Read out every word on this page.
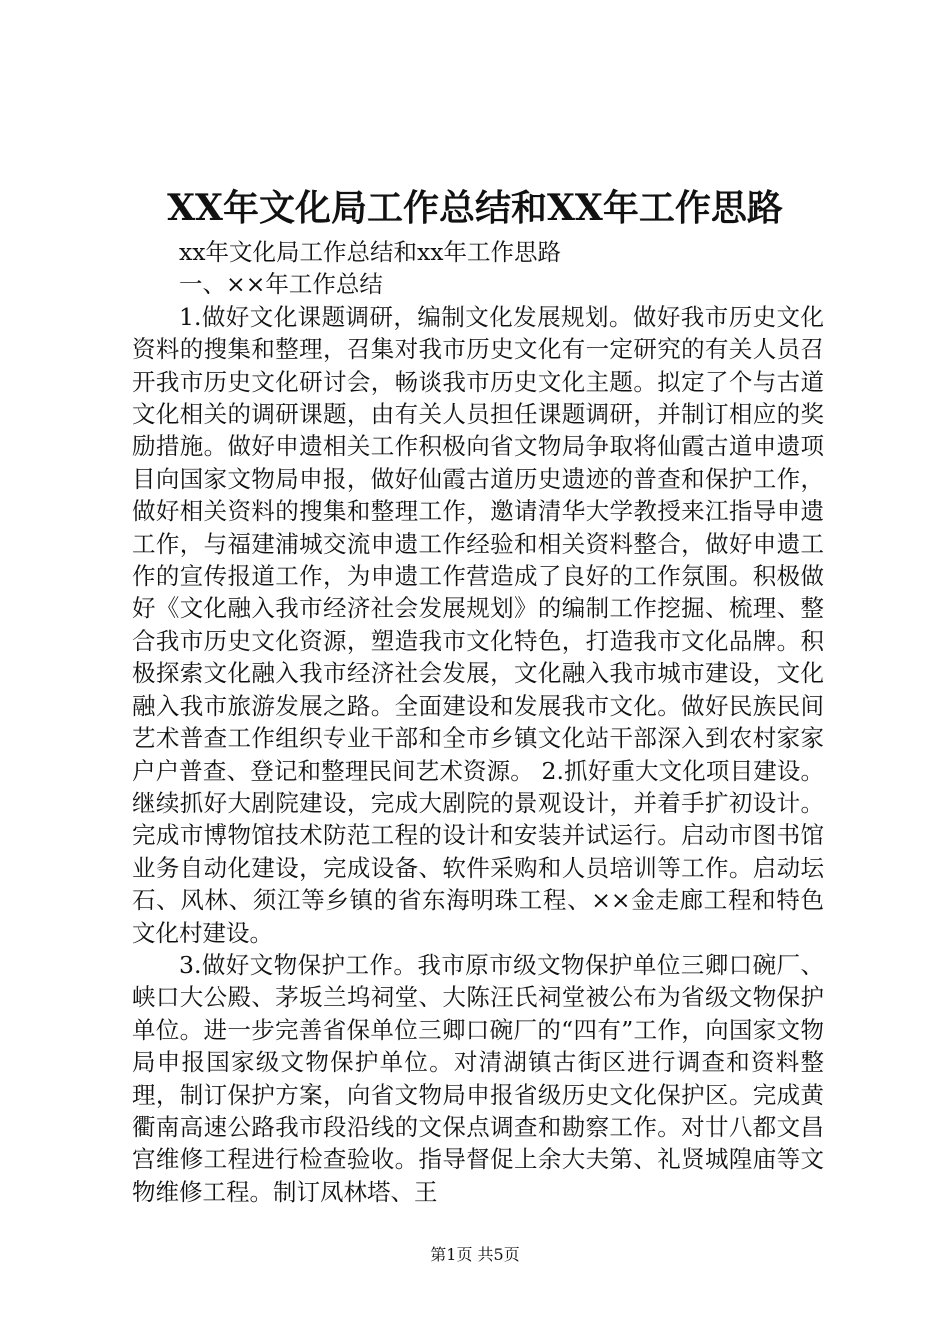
XX年文化局工作总结和XX年工作思路

xx年文化局工作总结和xx年工作思路

一、××年工作总结

1.做好文化课题调研，编制文化发展规划。做好我市历史文化资料的搜集和整理，召集对我市历史文化有一定研究的有关人员召开我市历史文化研讨会，畅谈我市历史文化主题。拟定了个与古道文化相关的调研课题，由有关人员担任课题调研，并制订相应的奖励措施。做好申遗相关工作积极向省文物局争取将仙霞古道申遗项目向国家文物局申报，做好仙霞古道历史遗迹的普查和保护工作，做好相关资料的搜集和整理工作，邀请清华大学教授来江指导申遗工作，与福建浦城交流申遗工作经验和相关资料整合，做好申遗工作的宣传报道工作，为申遗工作营造成了良好的工作氛围。积极做好《文化融入我市经济社会发展规划》的编制工作挖掘、梳理、整合我市历史文化资源，塑造我市文化特色，打造我市文化品牌。积极探索文化融入我市经济社会发展，文化融入我市城市建设，文化融入我市旅游发展之路。全面建设和发展我市文化。做好民族民间艺术普查工作组织专业干部和全市乡镇文化站干部深入到农村家家户户普查、登记和整理民间艺术资源。 2.抓好重大文化项目建设。继续抓好大剧院建设，完成大剧院的景观设计，并着手扩初设计。完成市博物馆技术防范工程的设计和安装并试运行。启动市图书馆业务自动化建设，完成设备、软件采购和人员培训等工作。启动坛石、风林、须江等乡镇的省东海明珠工程、××金走廊工程和特色文化村建设。

3.做好文物保护工作。我市原市级文物保护单位三卿口碗厂、峡口大公殿、茅坂兰坞祠堂、大陈汪氏祠堂被公布为省级文物保护单位。进一步完善省保单位三卿口碗厂的“四有”工作，向国家文物局申报国家级文物保护单位。对清湖镇古街区进行调查和资料整理，制订保护方案，向省文物局申报省级历史文化保护区。完成黄衢南高速公路我市段沿线的文保点调查和勘察工作。对廿八都文昌宫维修工程进行检查验收。指导督促上余大夫第、礼贤城隍庙等文物维修工程。制订凤林塔、王

第1页 共5页
